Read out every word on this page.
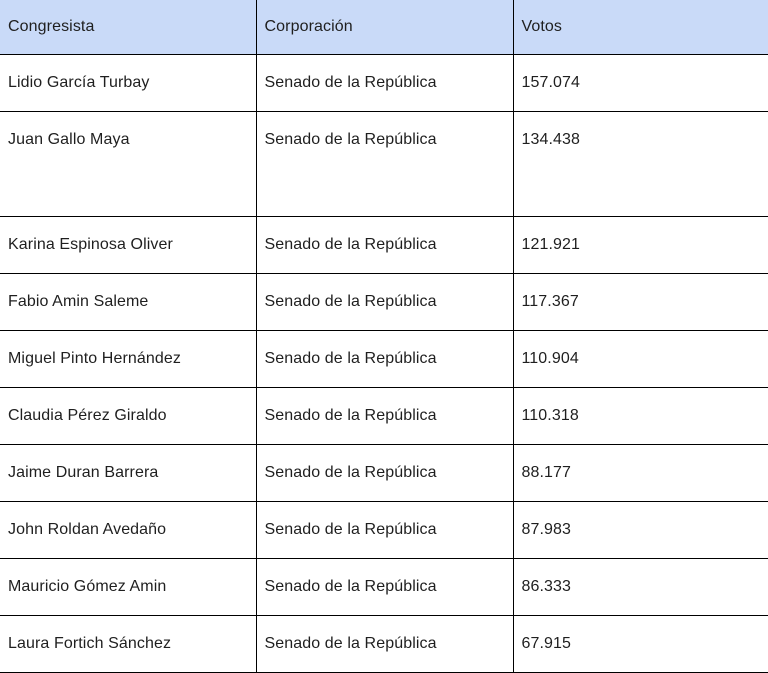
Congresista	Corporación	Votos
Lidio García Turbay	Senado de la República	157.074
Juan Gallo Maya	Senado de la República	134.438
Karina Espinosa Oliver	Senado de la República	121.921
Fabio Amin Saleme	Senado de la República	117.367
Miguel Pinto Hernández	Senado de la República	110.904
Claudia Pérez Giraldo	Senado de la República	110.318
Jaime Duran Barrera	Senado de la República	88.177
John Roldan Avedaño	Senado de la República	87.983
Mauricio Gómez Amin	Senado de la República	86.333
Laura Fortich Sánchez	Senado de la República	67.915
